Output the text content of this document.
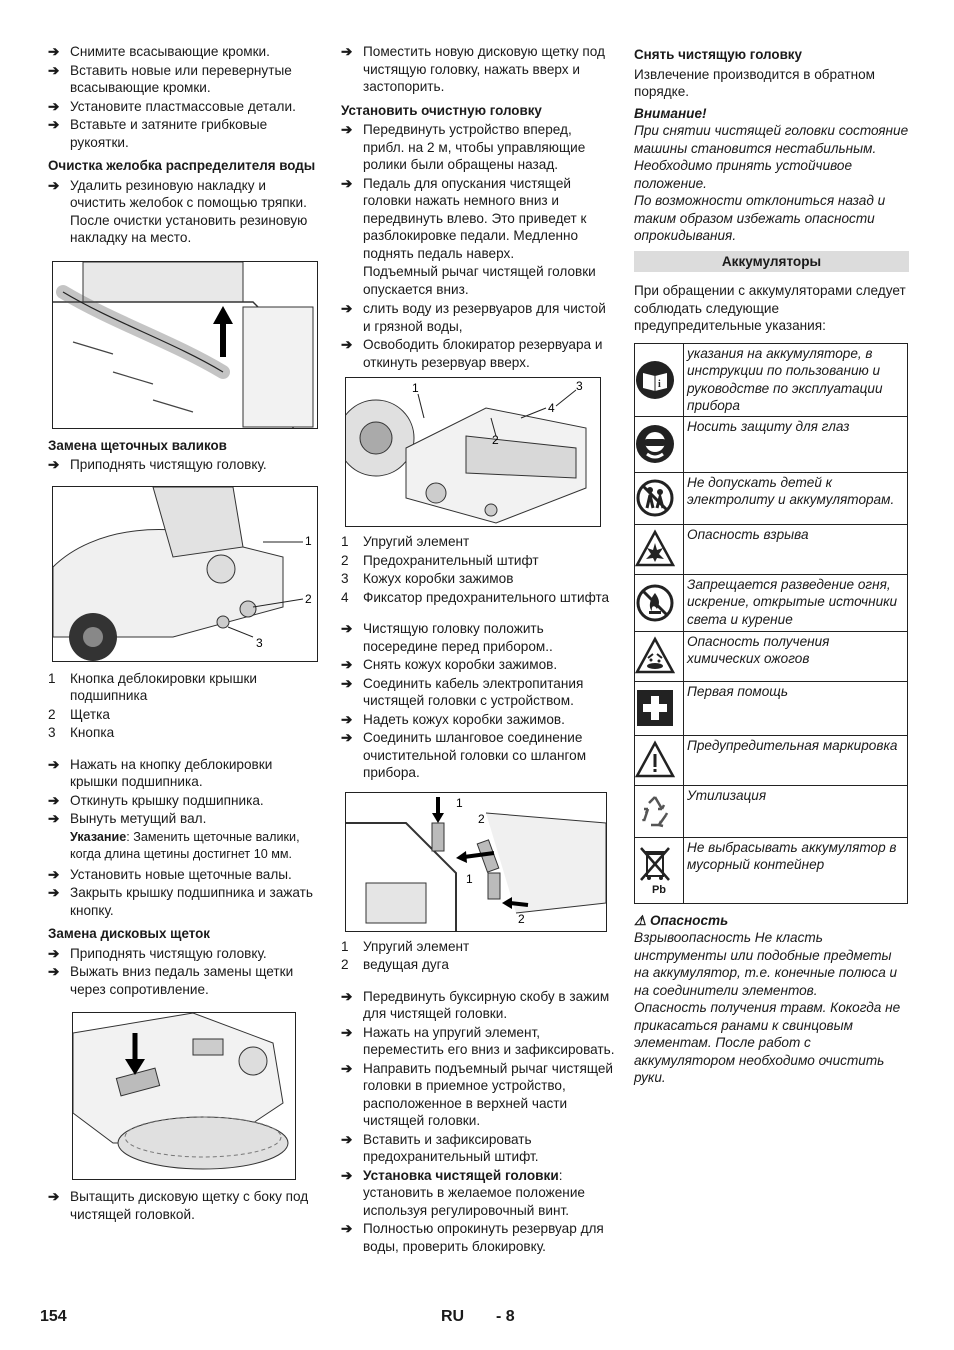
➔ Снимите всасывающие кромки.
➔ Вставить новые или перевернутые всасывающие кромки.
➔ Установите пластмассовые детали.
➔ Вставьте и затяните грибковые рукоятки.
Очистка желобка распределителя воды
➔ Удалить резиновую накладку и очистить желобок с помощью тряпки. После очистки установить резиновую накладку на место.
Замена щеточных валиков
➔ Приподнять чистящую головку.
1
2
3
1 Кнопка деблокировки крышки подшипника
2 Щетка
3 Кнопка
➔ Нажать на кнопку деблокировки крышки подшипника.
➔ Откинуть крышку подшипника.
➔ Вынуть метущий вал.
Указание: Заменить щеточные валики, когда длина щетины достигнет 10 мм.
➔ Установить новые щеточные валы.
➔ Закрыть крышку подшипника и зажать кнопку.
Замена дисковых щеток
➔ Приподнять чистящую головку.
➔ Выжать вниз педаль замены щетки через сопротивление.
➔ Вытащить дисковую щетку с боку под чистящей головкой.
➔ Поместить новую дисковую щетку под чистящую головку, нажать вверх и застопорить.
Установить очистную головку
➔ Передвинуть устройство вперед, прибл. на 2 м, чтобы управляющие ролики были обращены назад.
➔ Педаль для опускания чистящей головки нажать немного вниз и передвинуть влево. Это приведет к разблокировке педали. Медленно поднять педаль наверх.
Подъемный рычаг чистящей головки опускается вниз.
➔ слить воду из резервуаров для чистой и грязной воды,
➔ Освободить блокиратор резервуара и откинуть резервуар вверх.
1
2
3
4
1 Упругий элемент
2 Предохранительный штифт
3 Кожух коробки зажимов
4 Фиксатор предохранительного штифта
➔ Чистящую головку положить посередине перед прибором..
➔ Снять кожух коробки зажимов.
➔ Соединить кабель электропитания чистящей головки с устройством.
➔ Надеть кожух коробки зажимов.
➔ Соединить шланговое соединение очистительной головки со шлангом прибора.
1
2
1
2
1 Упругий элемент
2 ведущая дуга
➔ Передвинуть буксирную скобу в зажим для чистящей головки.
➔ Нажать на упругий элемент, переместить его вниз и зафиксировать.
➔ Направить подъемный рычаг чистящей головки в приемное устройство, расположенное в верхней части чистящей головки.
➔ Вставить и зафиксировать предохранительный штифт.
➔ Установка чистящей головки: установить в желаемое положение используя регулировочный винт.
➔ Полностью опрокинуть резервуар для воды, проверить блокировку.
Снять чистящую головку
Извлечение производится в обратном порядке.
Внимание!
При снятии чистящей головки состояние машины становится нестабильным. Необходимо принять устойчивое положение.
По возможности отклониться назад и таким образом избежать опасности опрокидывания.
Аккумуляторы
При обращении с аккумуляторами следует соблюдать следующие предупредительные указания:
i	указания на аккумуляторе, в инструкции по пользованию и руководстве по эксплуатации прибора

	Носить защиту для глаз

	Не допускать детей к электролиту и аккумуляторам.

	Опасность взрыва

	Запрещается разведение огня, искрение, открытые источники света и курение

	Опасность получения химических ожогов

	Первая помощь

	Предупредительная маркировка

	Утилизация

Pb	Не выбрасывать аккумулятор в мусорный контейнер
⚠ Опасность
Взрывоопасность Не класть инструменты или подобные предметы на аккумулятор, т.е. конечные полюса и на соединители элементов.
Опасность получения травм. Кокогда не прикасаться ранами к свинцовым элементам. После работ с аккумулятором необходимо очистить руки.
154	RU - 8
